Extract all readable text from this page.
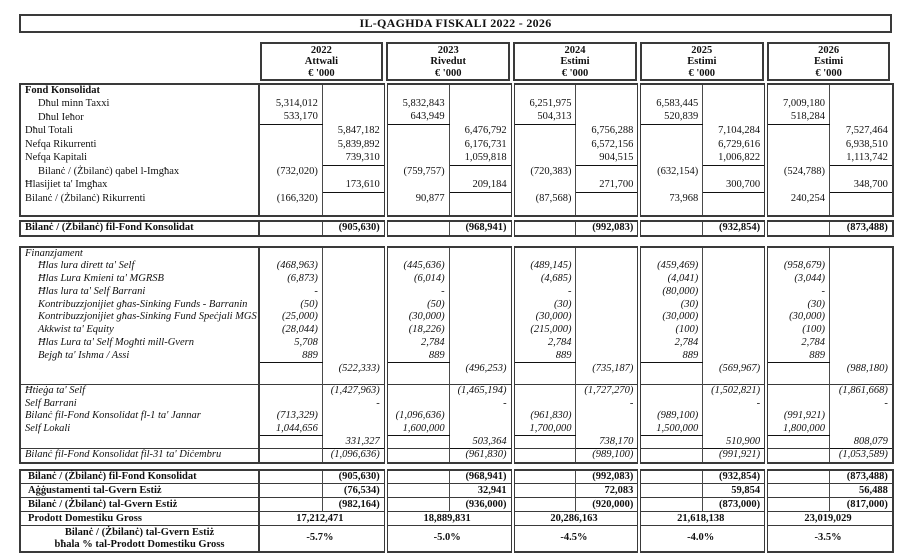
IL-QAGHDA FISKALI 2022 - 2026
2022
Attwali
€ '000
2023
Rivedut
€ '000
2024
Estimi
€ '000
2025
Estimi
€ '000
2026
Estimi
€ '000
Fond Konsolidat										
Dħul minn Taxxi	5,314,012		5,832,843		6,251,975		6,583,445		7,009,180	
Dħul Ieħor	533,170		643,949		504,313		520,839		518,284	
Dħul Totali		5,847,182		6,476,792		6,756,288		7,104,284		7,527,464
Nefqa Rikurrenti		5,839,892		6,176,731		6,572,156		6,729,616		6,938,510
Nefqa Kapitali		739,310		1,059,818		904,515		1,006,822		1,113,742
Bilanċ / (Żbilanċ) qabel l-Imgħax	(732,020)		(759,757)		(720,383)		(632,154)		(524,788)	
Ħlasijiet ta' Imgħax		173,610		209,184		271,700		300,700		348,700
Bilanċ / (Żbilanċ) Rikurrenti	(166,320)		90,877		(87,568)		73,968		240,254	

Bilanċ / (Żbilanċ) fil-Fond Konsolidat		(905,630)		(968,941)		(992,083)		(932,854)		(873,488)
Finanzjament										
Ħlas lura dirett ta' Self	(468,963)		(445,636)		(489,145)		(459,469)		(958,679)	
Ħlas Lura Kmieni ta' MGRSB	(6,873)		(6,014)		(4,685)		(4,041)		(3,044)	
Ħlas lura ta' Self Barrani	-		-		-		(80,000)		-	
Kontribuzzjonijiet għas-Sinking Funds - Barranin	(50)		(50)		(30)		(30)		(30)	
Kontribuzzjonijiet għas-Sinking Fund Speċjali MGS	(25,000)		(30,000)		(30,000)		(30,000)		(30,000)	
Akkwist ta' Equity	(28,044)		(18,226)		(215,000)		(100)		(100)	
Ħlas Lura ta' Self Mogħti mill-Gvern	5,708		2,784		2,784		2,784		2,784	
Bejgħ ta' Ishma / Assi	889		889		889		889		889	
		(522,333)		(496,253)		(735,187)		(569,967)		(988,180)

Ħtieġa ta' Self		(1,427,963)		(1,465,194)		(1,727,270)		(1,502,821)		(1,861,668)
Self Barrani		-		-		-		-		-
Bilanċ fil-Fond Konsolidat fl-1 ta' Jannar	(713,329)		(1,096,636)		(961,830)		(989,100)		(991,921)	
Self Lokali	1,044,656		1,600,000		1,700,000		1,500,000		1,800,000	
		331,327		503,364		738,170		510,900		808,079
Bilanċ fil-Fond Konsolidat fil-31 ta' Diċembru		(1,096,636)		(961,830)		(989,100)		(991,921)		(1,053,589)
Bilanċ / (Żbilanċ) fil-Fond Konsolidat		(905,630)		(968,941)		(992,083)		(932,854)		(873,488)
Aġġustamenti tal-Gvern Estiż		(76,534)		32,941		72,083		59,854		56,488
Bilanċ / (Żbilanċ) tal-Gvern Estiż		(982,164)		(936,000)		(920,000)		(873,000)		(817,000)
Prodott Domestiku Gross	17,212,471		18,889,831		20,286,163		21,618,138		23,019,029	

Bilanċ / (Żbilanċ) tal-Gvern Estiż
bħala % tal-Prodott Domestiku Gross	-5.7%		-5.0%		-4.5%		-4.0%		-3.5%	
